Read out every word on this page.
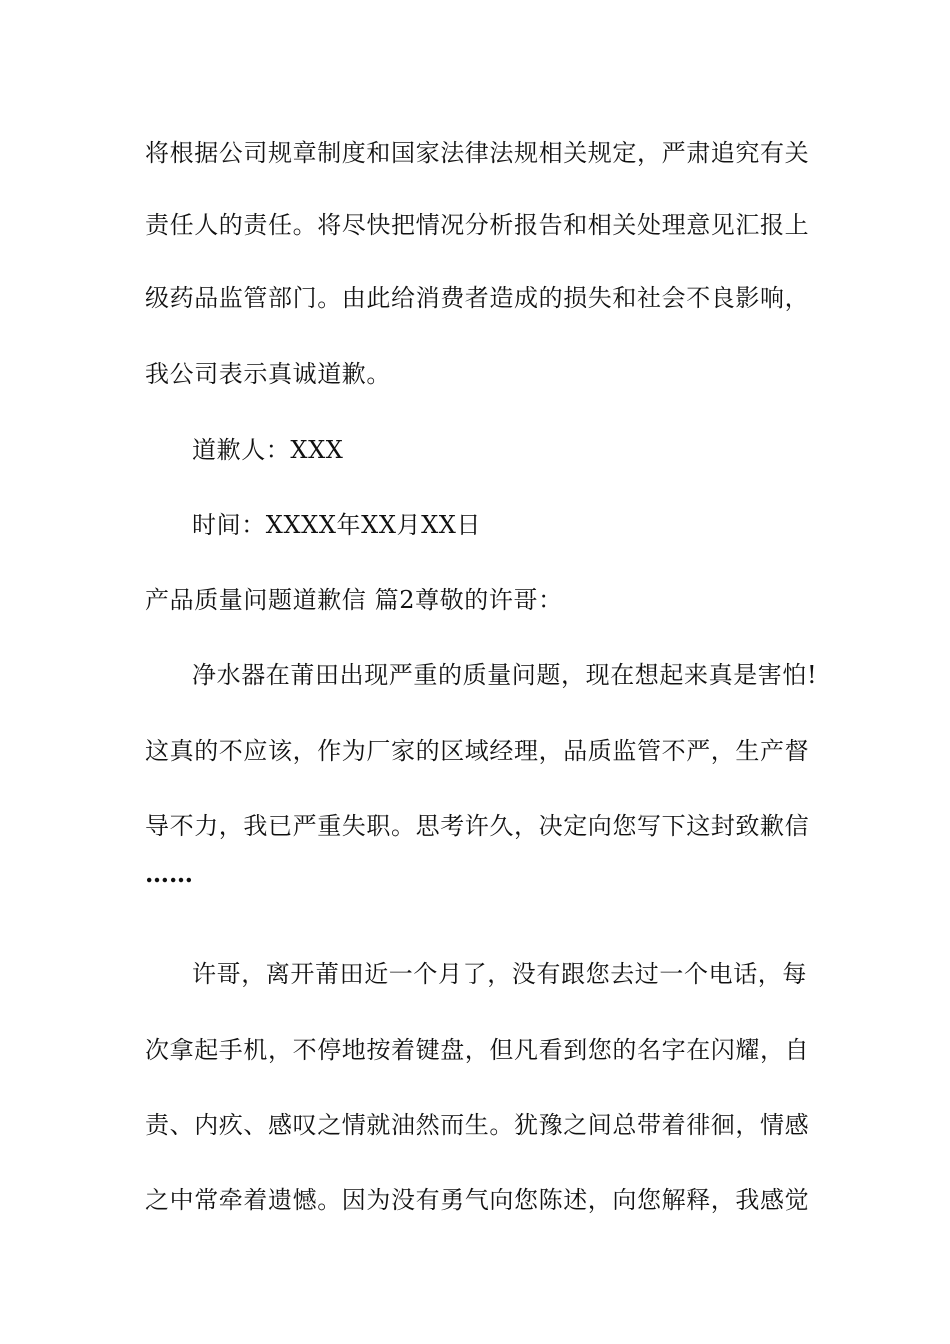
将根据公司规章制度和国家法律法规相关规定，严肃追究有关
责任人的责任。将尽快把情况分析报告和相关处理意见汇报上
级药品监管部门。由此给消费者造成的损失和社会不良影响，
我公司表示真诚道歉。
道歉人：XXX
时间：XXXX年XX月XX日
产品质量问题道歉信 篇2尊敬的许哥：
净水器在莆田出现严重的质量问题，现在想起来真是害怕!
这真的不应该，作为厂家的区域经理，品质监管不严，生产督
导不力，我已严重失职。思考许久，决定向您写下这封致歉信
……
许哥，离开莆田近一个月了，没有跟您去过一个电话，每
次拿起手机，不停地按着键盘，但凡看到您的名字在闪耀，自
责、内疚、感叹之情就油然而生。犹豫之间总带着徘徊，情感
之中常牵着遗憾。因为没有勇气向您陈述，向您解释，我感觉
